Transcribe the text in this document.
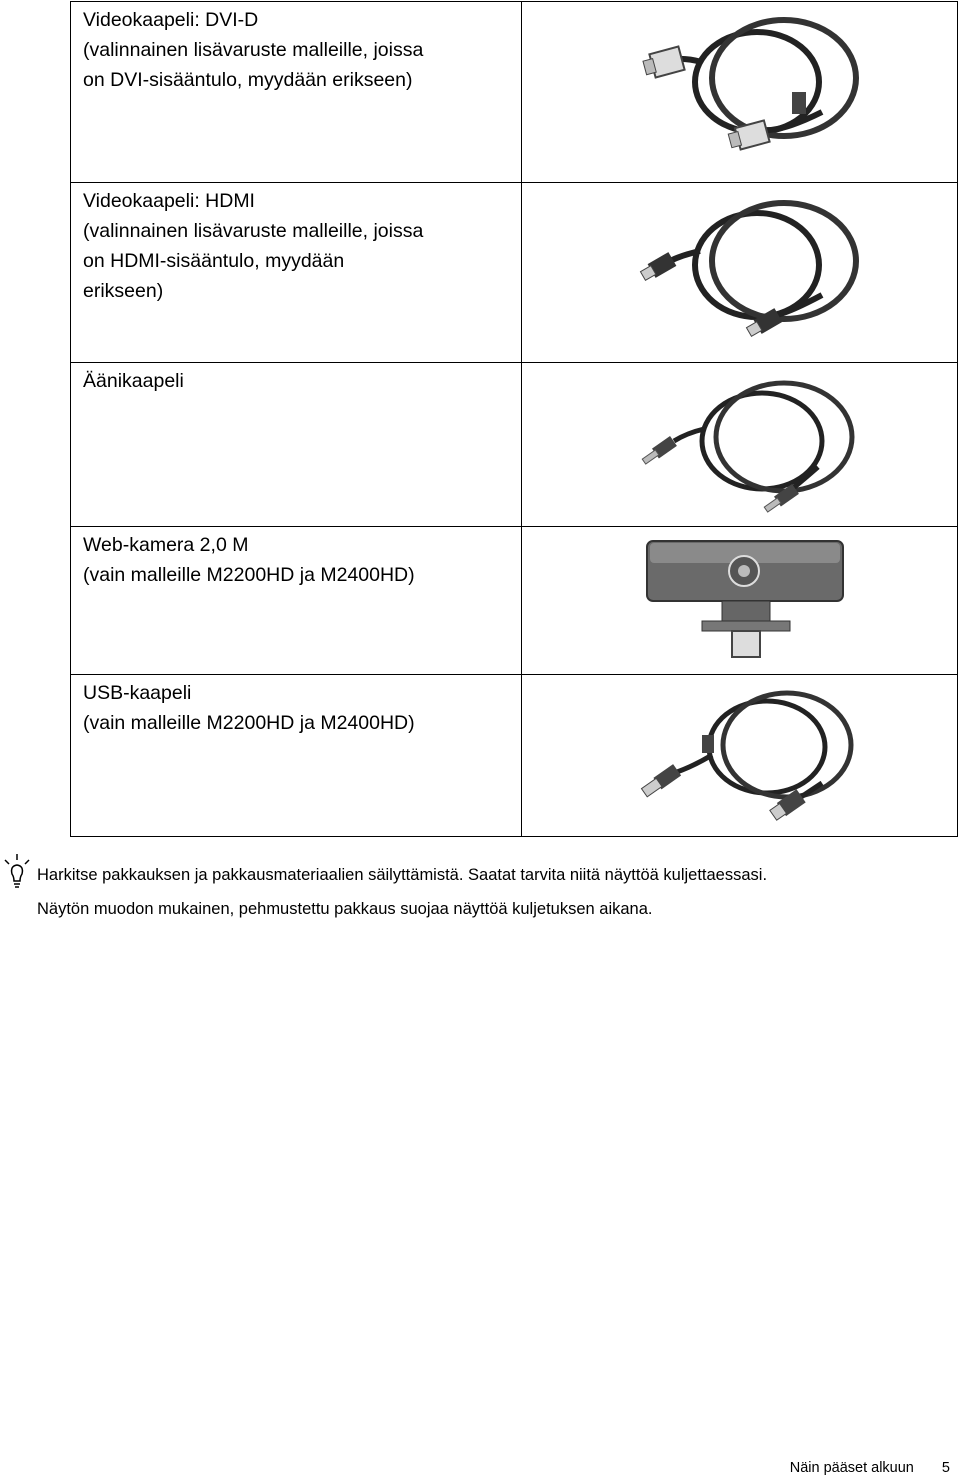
Videokaapeli: DVI-D
(valinnainen lisävaruste malleille, joissa
on DVI-sisääntulo, myydään erikseen)

Videokaapeli: HDMI
(valinnainen lisävaruste malleille, joissa
on HDMI-sisääntulo, myydään
erikseen)

Äänikaapeli

Web-kamera 2,0 M
(vain malleille M2200HD ja M2400HD)

USB-kaapeli
(vain malleille M2200HD ja M2400HD)

Harkitse pakkauksen ja pakkausmateriaalien säilyttämistä. Saatat tarvita niitä näyttöä kuljettaessasi.

Näytön muodon mukainen, pehmustettu pakkaus suojaa näyttöä kuljetuksen aikana.

Näin pääset alkuun 5
